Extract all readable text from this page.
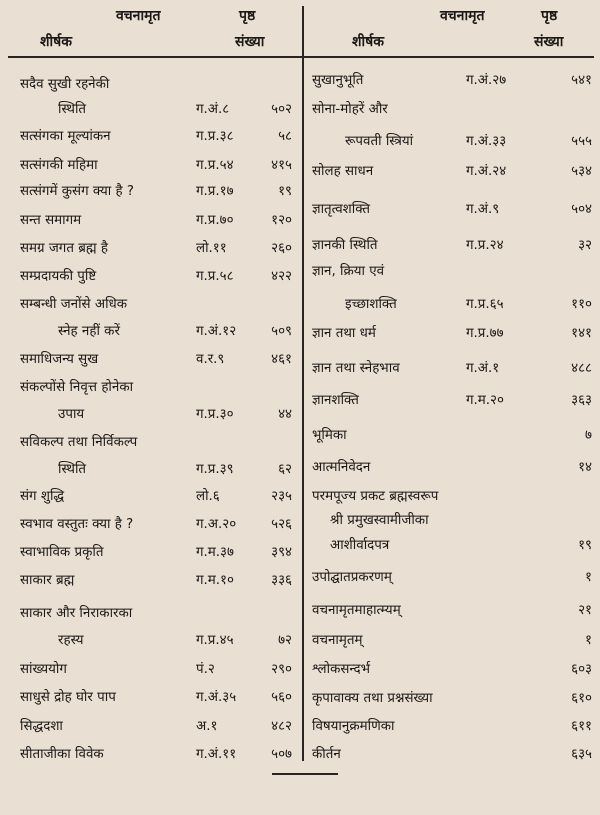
वचनामृत	पृष्ठ
शीर्षक	संख्या
वचनामृत	पृष्ठ
शीर्षक	संख्या
सदैव सुखी रहनेकी
स्थिति	ग.अं.८	५०२
सत्संगका मूल्यांकन	ग.प्र.३८	५८
सत्संगकी महिमा	ग.प्र.५४	४१५
सत्संगमें कुसंग क्या है ?	ग.प्र.१७	१९
सन्त समागम	ग.प्र.७०	१२०
समग्र जगत ब्रह्म है	लो.११	२६०
सम्प्रदायकी पुष्टि	ग.प्र.५८	४२२
सम्बन्धी जनोंसे अधिक
स्नेह नहीं करें	ग.अं.१२	५०९
समाधिजन्य सुख	व.र.९	४६१
संकल्पोंसे निवृत्त होनेका
उपाय	ग.प्र.३०	४४
सविकल्प तथा निर्विकल्प
स्थिति	ग.प्र.३९	६२
संग शुद्धि	लो.६	२३५
स्वभाव वस्तुतः क्या है ?	ग.अ.२०	५२६
स्वाभाविक प्रकृति	ग.म.३७	३९४
साकार ब्रह्म	ग.म.१०	३३६
साकार और निराकारका
रहस्य	ग.प्र.४५	७२
सांख्ययोग	पं.२	२९०
साधुसे द्रोह घोर पाप	ग.अं.३५	५६०
सिद्धदशा	अ.१	४८२
सीताजीका विवेक	ग.अं.११	५०७
सुखानुभूति	ग.अं.२७	५४१
सोना-मोहरें और
रूपवती स्त्रियां	ग.अं.३३	५५५
सोलह साधन	ग.अं.२४	५३४
ज्ञातृत्वशक्ति	ग.अं.९	५०४
ज्ञानकी स्थिति	ग.प्र.२४	३२
ज्ञान, क्रिया एवं
इच्छाशक्ति	ग.प्र.६५	११०
ज्ञान तथा धर्म	ग.प्र.७७	१४१
ज्ञान तथा स्नेहभाव	ग.अं.१	४८८
ज्ञानशक्ति	ग.म.२०	३६३
भूमिका	७
आत्मनिवेदन	१४
परमपूज्य प्रकट ब्रह्मस्वरूप
श्री प्रमुखस्वामीजीका
आशीर्वादपत्र	१९
उपोद्घातप्रकरणम्	१
वचनामृतमाहात्म्यम्	२१
वचनामृतम्	१
श्लोकसन्दर्भ	६०३
कृपावाक्य तथा प्रश्नसंख्या	६१०
विषयानुक्रमणिका	६११
कीर्तन	६३५
